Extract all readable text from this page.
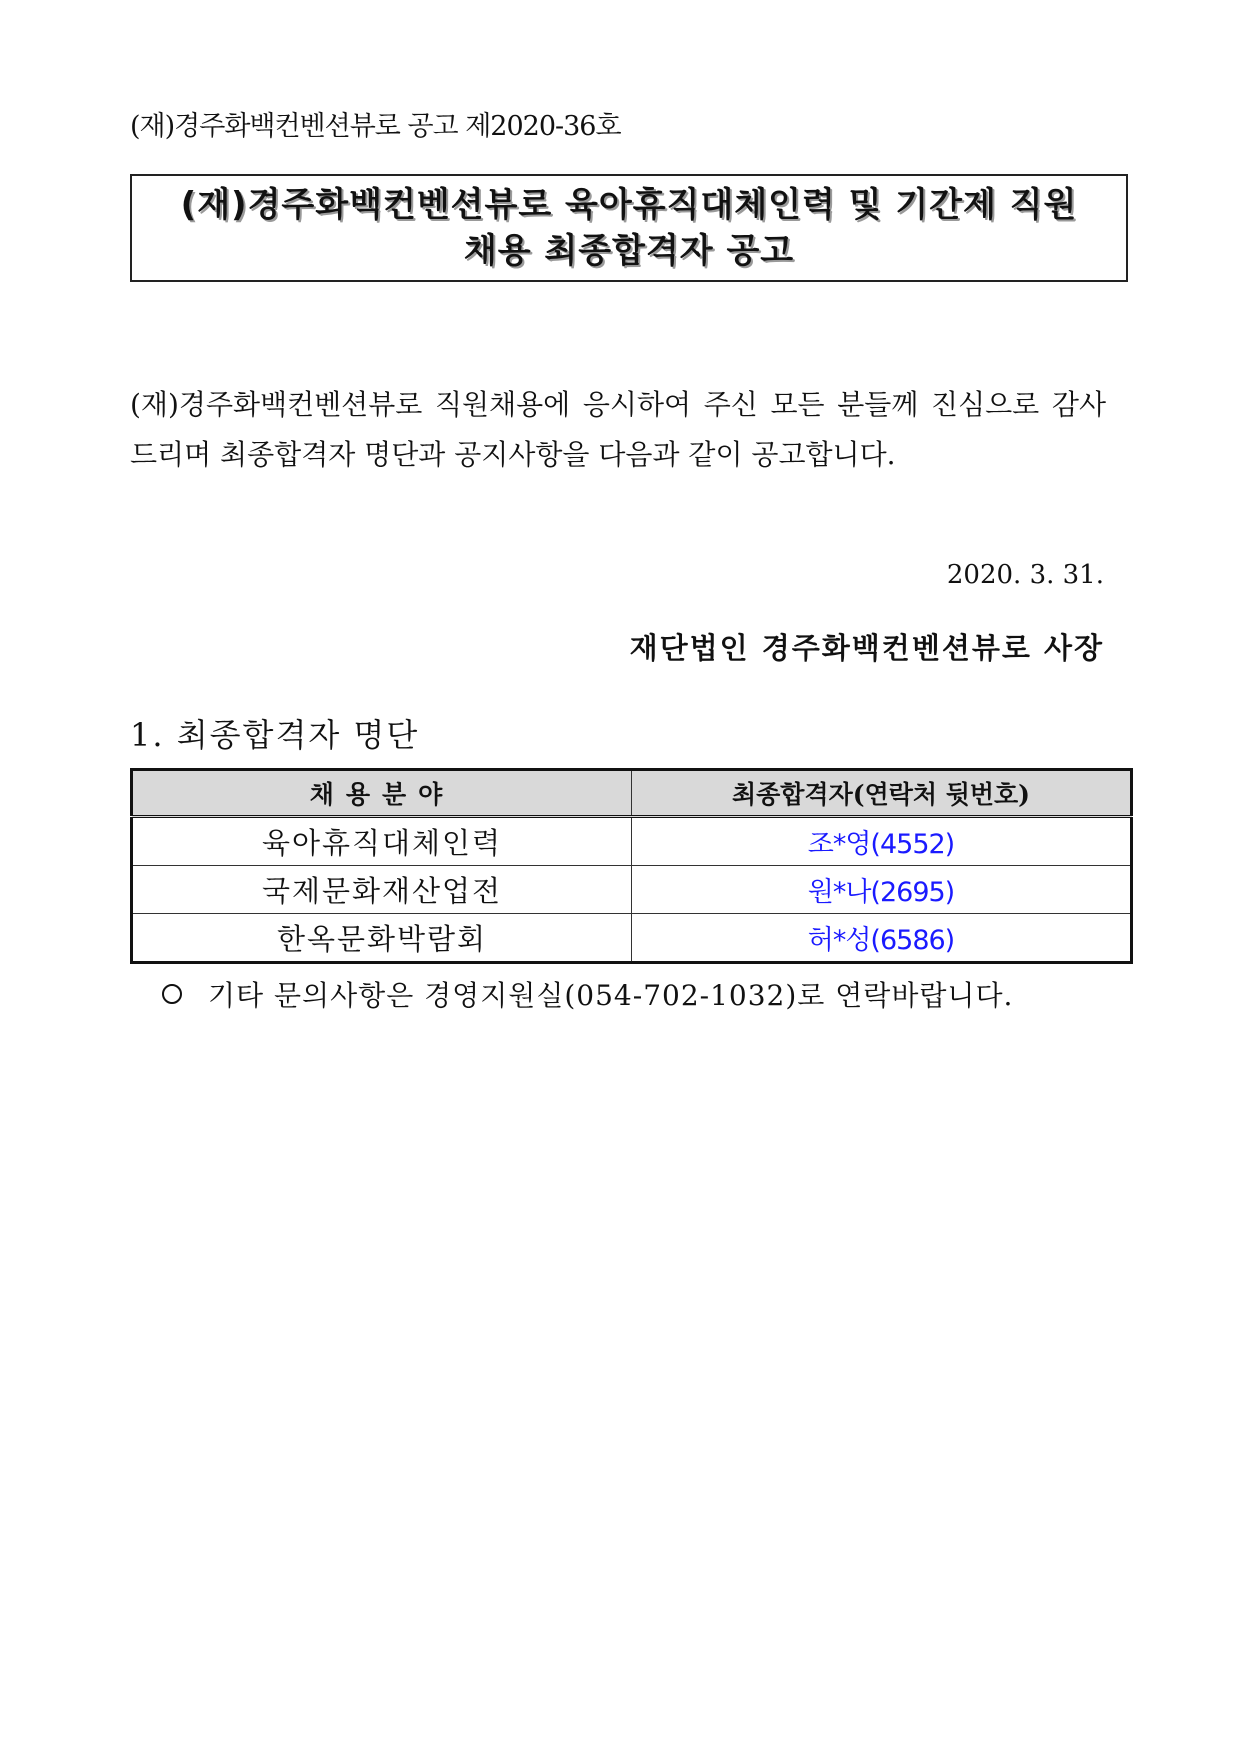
(재)경주화백컨벤션뷰로 공고 제2020-36호
(재)경주화백컨벤션뷰로 육아휴직대체인력 및 기간제 직원
채용 최종합격자 공고
(재)경주화백컨벤션뷰로 직원채용에 응시하여 주신 모든 분들께 진심으로 감사드리며 최종합격자 명단과 공지사항을 다음과 같이 공고합니다.
2020. 3. 31.
재단법인 경주화백컨벤션뷰로 사장
1. 최종합격자 명단
채용분야	최종합격자(연락처 뒷번호)
육아휴직대체인력	조*영(4552)
국제문화재산업전	원*나(2695)
한옥문화박람회	허*성(6586)
기타 문의사항은 경영지원실(054-702-1032)로 연락바랍니다.
